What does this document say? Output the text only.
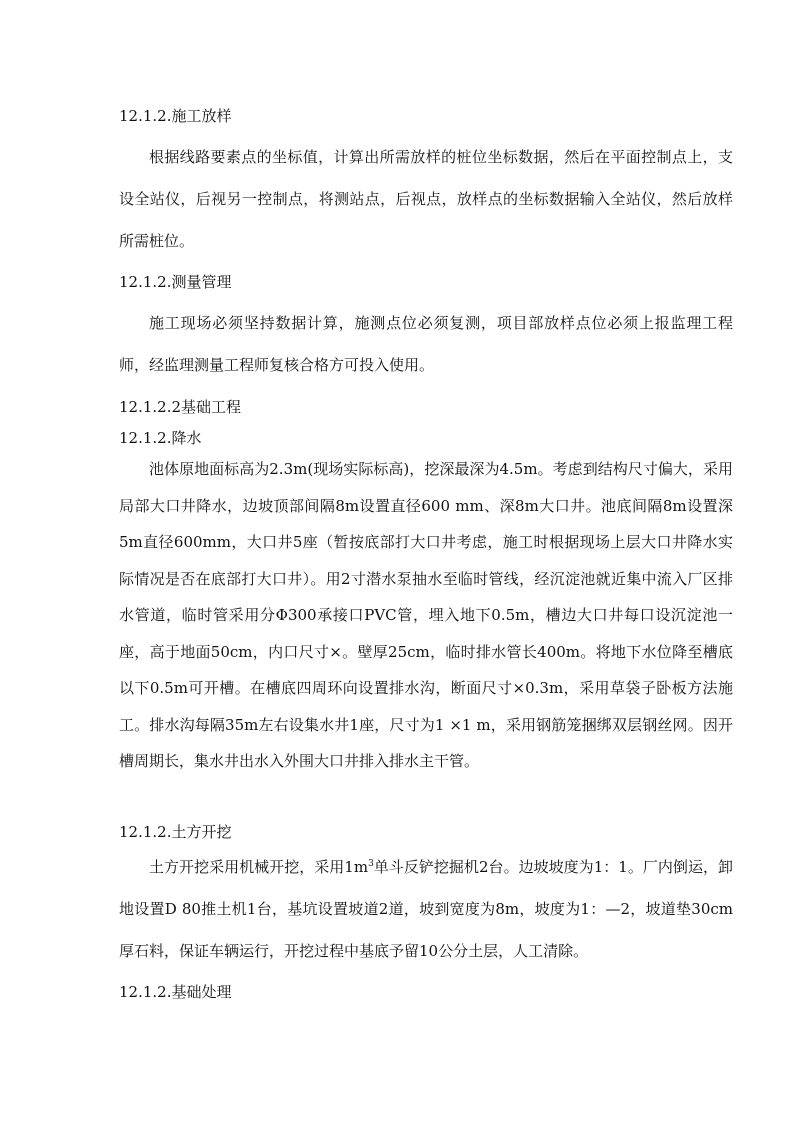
12.1.2.施工放样

根据线路要素点的坐标值，计算出所需放样的桩位坐标数据，然后在平面控制点上，支设全站仪，后视另一控制点，将测站点，后视点，放样点的坐标数据输入全站仪，然后放样所需桩位。

12.1.2.测量管理

施工现场必须坚持数据计算，施测点位必须复测，项目部放样点位必须上报监理工程师，经监理测量工程师复核合格方可投入使用。

12.1.2.2基础工程
12.1.2.降水

池体原地面标高为2.3m(现场实际标高)，挖深最深为4.5m。考虑到结构尺寸偏大，采用局部大口井降水，边坡顶部间隔8m设置直径600 mm、深8m大口井。池底间隔8m设置深5m直径600mm，大口井5座（暂按底部打大口井考虑，施工时根据现场上层大口井降水实际情况是否在底部打大口井）。用2寸潜水泵抽水至临时管线，经沉淀池就近集中流入厂区排水管道，临时管采用分Φ300承接口PVC管，埋入地下0.5m，槽边大口井每口设沉淀池一座，高于地面50cm，内口尺寸×。壁厚25cm，临时排水管长400m。将地下水位降至槽底以下0.5m可开槽。在槽底四周环向设置排水沟，断面尺寸×0.3m，采用草袋子卧板方法施工。排水沟每隔35m左右设集水井1座，尺寸为1 ×1 m，采用钢筋笼捆绑双层钢丝网。因开槽周期长，集水井出水入外围大口井排入排水主干管。

12.1.2.土方开挖

土方开挖采用机械开挖，采用$1m^3$单斗反铲挖掘机2台。边坡坡度为1：1。厂内倒运，卸地设置D 80推土机1台，基坑设置坡道2道，坡到宽度为8m，坡度为1：—2，坡道垫30cm厚石料，保证车辆运行，开挖过程中基底予留10公分土层，人工清除。

12.1.2.基础处理
